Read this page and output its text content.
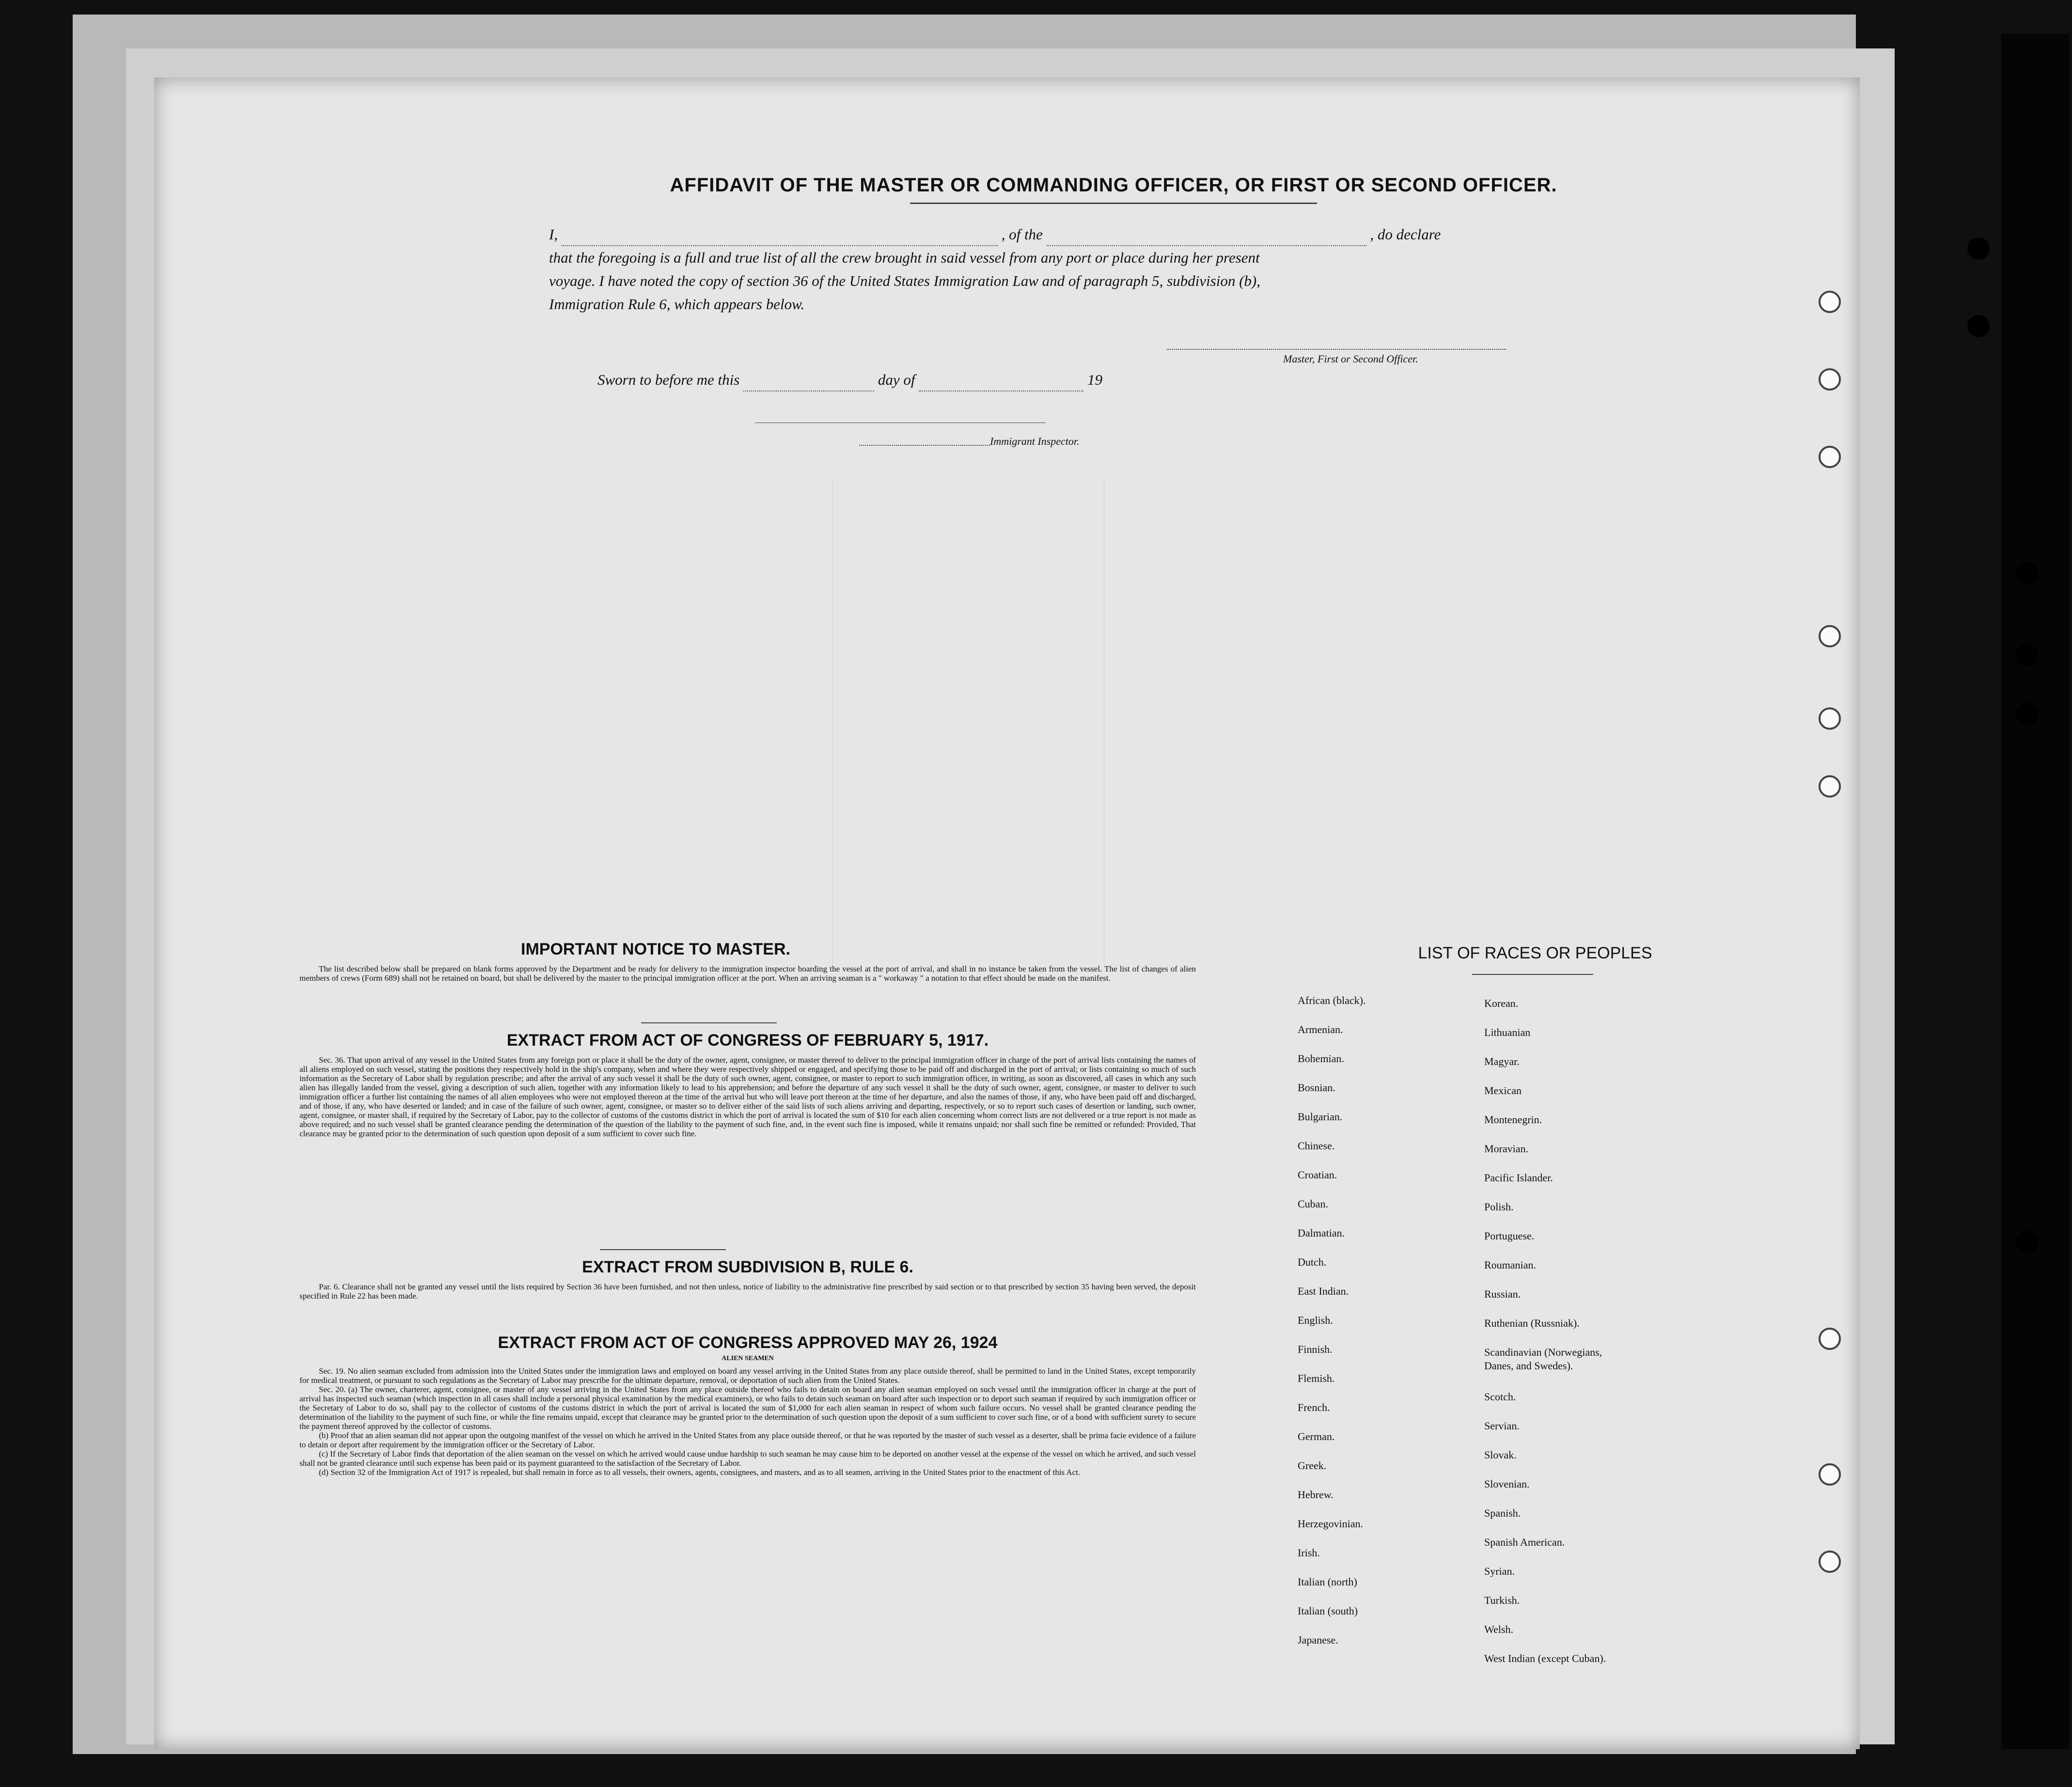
AFFIDAVIT OF THE MASTER OR COMMANDING OFFICER, OR FIRST OR SECOND OFFICER.
I,	, of the	, do declare
that the foregoing is a full and true list of all the crew brought in said vessel from any port or place during her present
voyage. I have noted the copy of section 36 of the United States Immigration Law and of paragraph 5, subdivision (b),
Immigration Rule 6, which appears below.
Master, First or Second Officer.
Sworn to before me this	day of	19
Immigrant Inspector.
IMPORTANT NOTICE TO MASTER.

The list described below shall be prepared on blank forms approved by the Department and be ready for delivery to the immigration inspector boarding the vessel at the port of arrival, and shall in no instance be taken from the vessel. The list of changes of alien members of crews (Form 689) shall not be retained on board, but shall be delivered by the master to the principal immigration officer at the port. When an arriving seaman is a " workaway " a notation to that effect should be made on the manifest.

EXTRACT FROM ACT OF CONGRESS OF FEBRUARY 5, 1917.

Sec. 36. That upon arrival of any vessel in the United States from any foreign port or place it shall be the duty of the owner, agent, consignee, or master thereof to deliver to the principal immigration officer in charge of the port of arrival lists containing the names of all aliens employed on such vessel, stating the positions they respectively hold in the ship's company, when and where they were respectively shipped or engaged, and specifying those to be paid off and discharged in the port of arrival; or lists containing so much of such information as the Secretary of Labor shall by regulation prescribe; and after the arrival of any such vessel it shall be the duty of such owner, agent, consignee, or master to report to such immigration officer, in writing, as soon as discovered, all cases in which any such alien has illegally landed from the vessel, giving a description of such alien, together with any information likely to lead to his apprehension; and before the departure of any such vessel it shall be the duty of such owner, agent, consignee, or master to deliver to such immigration officer a further list containing the names of all alien employees who were not employed thereon at the time of the arrival but who will leave port thereon at the time of her departure, and also the names of those, if any, who have been paid off and discharged, and of those, if any, who have deserted or landed; and in case of the failure of such owner, agent, consignee, or master so to deliver either of the said lists of such aliens arriving and departing, respectively, or so to report such cases of desertion or landing, such owner, agent, consignee, or master shall, if required by the Secretary of Labor, pay to the collector of customs of the customs district in which the port of arrival is located the sum of $10 for each alien concerning whom correct lists are not delivered or a true report is not made as above required; and no such vessel shall be granted clearance pending the determination of the question of the liability to the payment of such fine, and, in the event such fine is imposed, while it remains unpaid; nor shall such fine be remitted or refunded: Provided, That clearance may be granted prior to the determination of such question upon deposit of a sum sufficient to cover such fine.

EXTRACT FROM SUBDIVISION B, RULE 6.

Par. 6. Clearance shall not be granted any vessel until the lists required by Section 36 have been furnished, and not then unless, notice of liability to the administrative fine prescribed by said section or to that prescribed by section 35 having been served, the deposit specified in Rule 22 has been made.

EXTRACT FROM ACT OF CONGRESS APPROVED MAY 26, 1924
ALIEN SEAMEN

Sec. 19. No alien seaman excluded from admission into the United States under the immigration laws and employed on board any vessel arriving in the United States from any place outside thereof, shall be permitted to land in the United States, except temporarily for medical treatment, or pursuant to such regulations as the Secretary of Labor may prescribe for the ultimate departure, removal, or deportation of such alien from the United States.

Sec. 20. (a) The owner, charterer, agent, consignee, or master of any vessel arriving in the United States from any place outside thereof who fails to detain on board any alien seaman employed on such vessel until the immigration officer in charge at the port of arrival has inspected such seaman (which inspection in all cases shall include a personal physical examination by the medical examiners), or who fails to detain such seaman on board after such inspection or to deport such seaman if required by such immigration officer or the Secretary of Labor to do so, shall pay to the collector of customs of the customs district in which the port of arrival is located the sum of $1,000 for each alien seaman in respect of whom such failure occurs. No vessel shall be granted clearance pending the determination of the liability to the payment of such fine, or while the fine remains unpaid, except that clearance may be granted prior to the determination of such question upon the deposit of a sum sufficient to cover such fine, or of a bond with sufficient surety to secure the payment thereof approved by the collector of customs.

(b) Proof that an alien seaman did not appear upon the outgoing manifest of the vessel on which he arrived in the United States from any place outside thereof, or that he was reported by the master of such vessel as a deserter, shall be prima facie evidence of a failure to detain or deport after requirement by the immigration officer or the Secretary of Labor.

(c) If the Secretary of Labor finds that deportation of the alien seaman on the vessel on which he arrived would cause undue hardship to such seaman he may cause him to be deported on another vessel at the expense of the vessel on which he arrived, and such vessel shall not be granted clearance until such expense has been paid or its payment guaranteed to the satisfaction of the Secretary of Labor.

(d) Section 32 of the Immigration Act of 1917 is repealed, but shall remain in force as to all vessels, their owners, agents, consignees, and masters, and as to all seamen, arriving in the United States prior to the enactment of this Act.

LIST OF RACES OR PEOPLES
African (black).
Armenian.
Bohemian.
Bosnian.
Bulgarian.
Chinese.
Croatian.
Cuban.
Dalmatian.
Dutch.
East Indian.
English.
Finnish.
Flemish.
French.
German.
Greek.
Hebrew.
Herzegovinian.
Irish.
Italian (north)
Italian (south)
Japanese.
Korean.
Lithuanian
Magyar.
Mexican
Montenegrin.
Moravian.
Pacific Islander.
Polish.
Portuguese.
Roumanian.
Russian.
Ruthenian (Russniak).
Scandinavian (Norwegians,
Danes, and Swedes).
Scotch.
Servian.
Slovak.
Slovenian.
Spanish.
Spanish American.
Syrian.
Turkish.
Welsh.
West Indian (except Cuban).
